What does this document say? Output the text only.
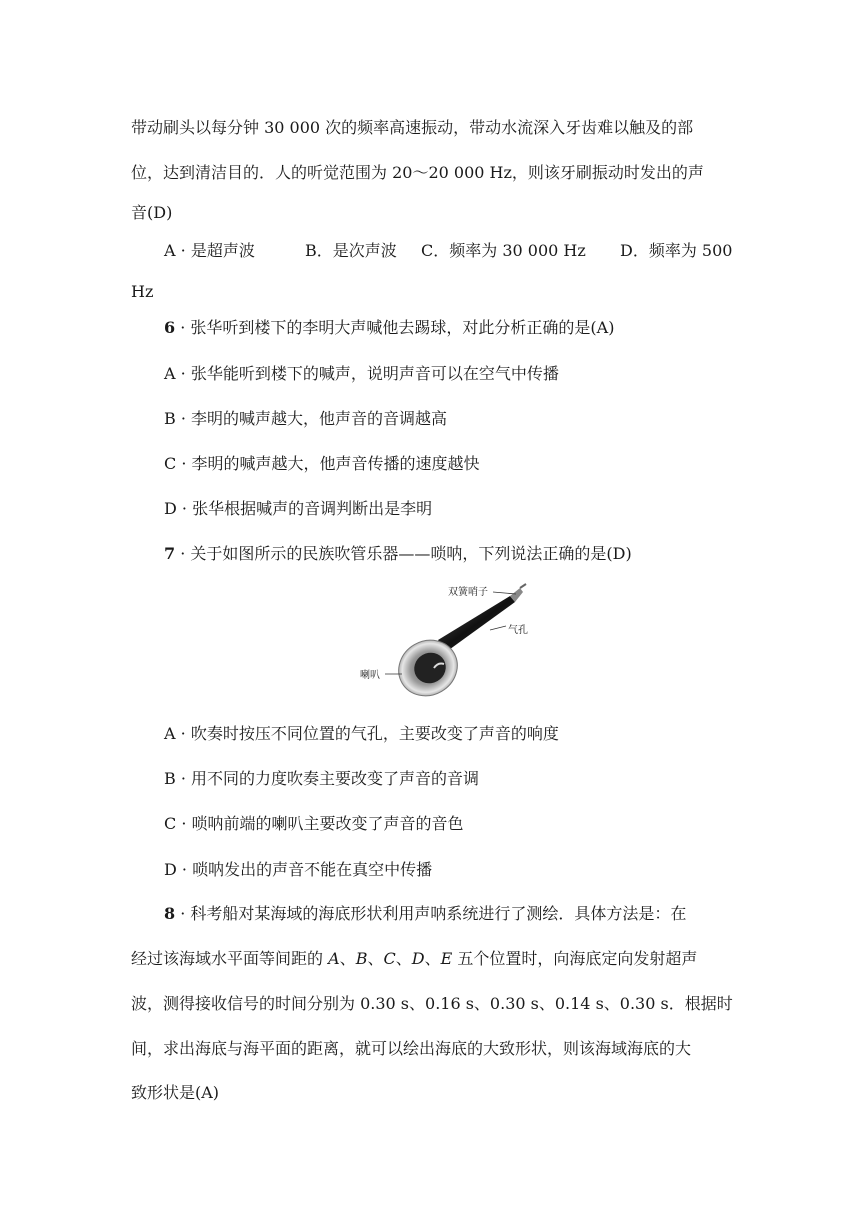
带动刷头以每分钟 30 000 次的频率高速振动，带动水流深入牙齿难以触及的部
位，达到清洁目的．人的听觉范围为 20～20 000 Hz，则该牙刷振动时发出的声
音(D)
A · 是超声波	B．是次声波 C．频率为 30 000 Hz D．频率为 500
Hz
6 · 张华听到楼下的李明大声喊他去踢球，对此分析正确的是(A)
A · 张华能听到楼下的喊声，说明声音可以在空气中传播
B · 李明的喊声越大，他声音的音调越高
C · 李明的喊声越大，他声音传播的速度越快
D · 张华根据喊声的音调判断出是李明
7 · 关于如图所示的民族吹管乐器——唢呐，下列说法正确的是(D)
双簧哨子
气孔
喇叭
A · 吹奏时按压不同位置的气孔，主要改变了声音的响度
B · 用不同的力度吹奏主要改变了声音的音调
C · 唢呐前端的喇叭主要改变了声音的音色
D · 唢呐发出的声音不能在真空中传播
8 · 科考船对某海域的海底形状利用声呐系统进行了测绘．具体方法是：在
经过该海域水平面等间距的 A、B、C、D、E 五个位置时，向海底定向发射超声
波，测得接收信号的时间分别为 0.30 s、0.16 s、0.30 s、0.14 s、0.30 s．根据时
间，求出海底与海平面的距离，就可以绘出海底的大致形状，则该海域海底的大
致形状是(A)
